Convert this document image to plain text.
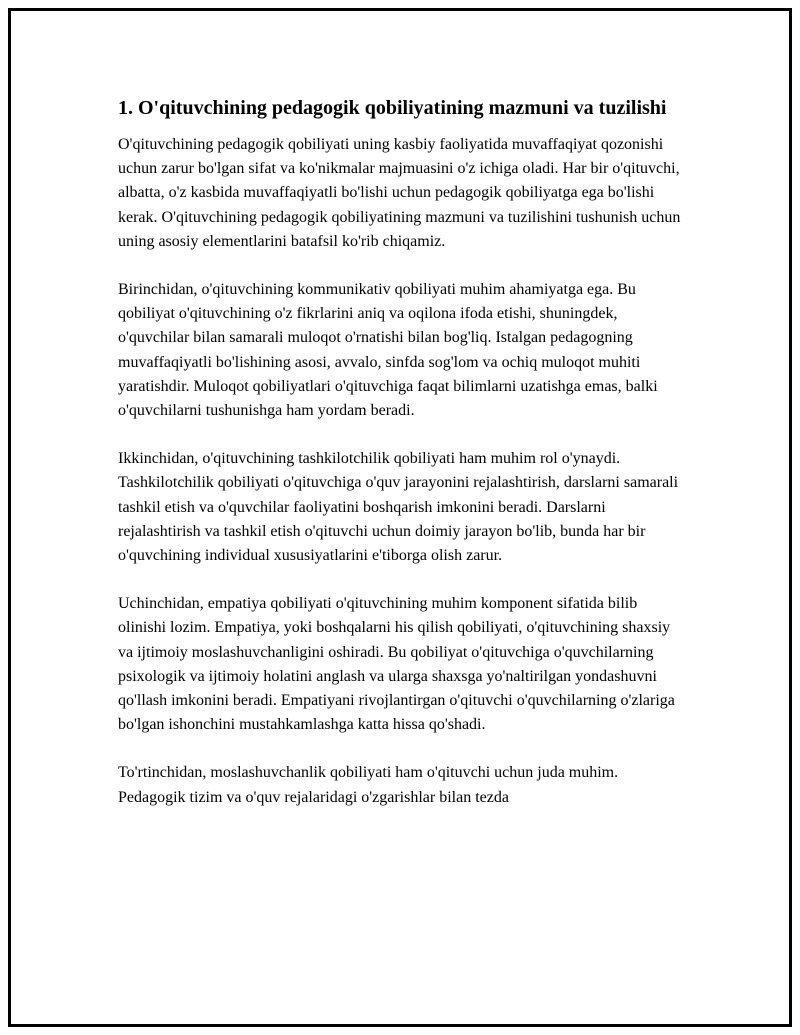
1. O'qituvchining pedagogik qobiliyatining mazmuni va tuzilishi

O'qituvchining pedagogik qobiliyati uning kasbiy faoliyatida muvaffaqiyat qozonishi uchun zarur bo'lgan sifat va ko'nikmalar majmuasini o'z ichiga oladi. Har bir o'qituvchi, albatta, o'z kasbida muvaffaqiyatli bo'lishi uchun pedagogik qobiliyatga ega bo'lishi kerak. O'qituvchining pedagogik qobiliyatining mazmuni va tuzilishini tushunish uchun uning asosiy elementlarini batafsil ko'rib chiqamiz.

Birinchidan, o'qituvchining kommunikativ qobiliyati muhim ahamiyatga ega. Bu qobiliyat o'qituvchining o'z fikrlarini aniq va oqilona ifoda etishi, shuningdek, o'quvchilar bilan samarali muloqot o'rnatishi bilan bog'liq. Istalgan pedagogning muvaffaqiyatli bo'lishining asosi, avvalo, sinfda sog'lom va ochiq muloqot muhiti yaratishdir. Muloqot qobiliyatlari o'qituvchiga faqat bilimlarni uzatishga emas, balki o'quvchilarni tushunishga ham yordam beradi.

Ikkinchidan, o'qituvchining tashkilotchilik qobiliyati ham muhim rol o'ynaydi. Tashkilotchilik qobiliyati o'qituvchiga o'quv jarayonini rejalashtirish, darslarni samarali tashkil etish va o'quvchilar faoliyatini boshqarish imkonini beradi. Darslarni rejalashtirish va tashkil etish o'qituvchi uchun doimiy jarayon bo'lib, bunda har bir o'quvchining individual xususiyatlarini e'tiborga olish zarur.

Uchinchidan, empatiya qobiliyati o'qituvchining muhim komponent sifatida bilib olinishi lozim. Empatiya, yoki boshqalarni his qilish qobiliyati, o'qituvchining shaxsiy va ijtimoiy moslashuvchanligini oshiradi. Bu qobiliyat o'qituvchiga o'quvchilarning psixologik va ijtimoiy holatini anglash va ularga shaxsga yo'naltirilgan yondashuvni qo'llash imkonini beradi. Empatiyani rivojlantirgan o'qituvchi o'quvchilarning o'zlariga bo'lgan ishonchini mustahkamlashga katta hissa qo'shadi.

To'rtinchidan, moslashuvchanlik qobiliyati ham o'qituvchi uchun juda muhim. Pedagogik tizim va o'quv rejalaridagi o'zgarishlar bilan tezda
